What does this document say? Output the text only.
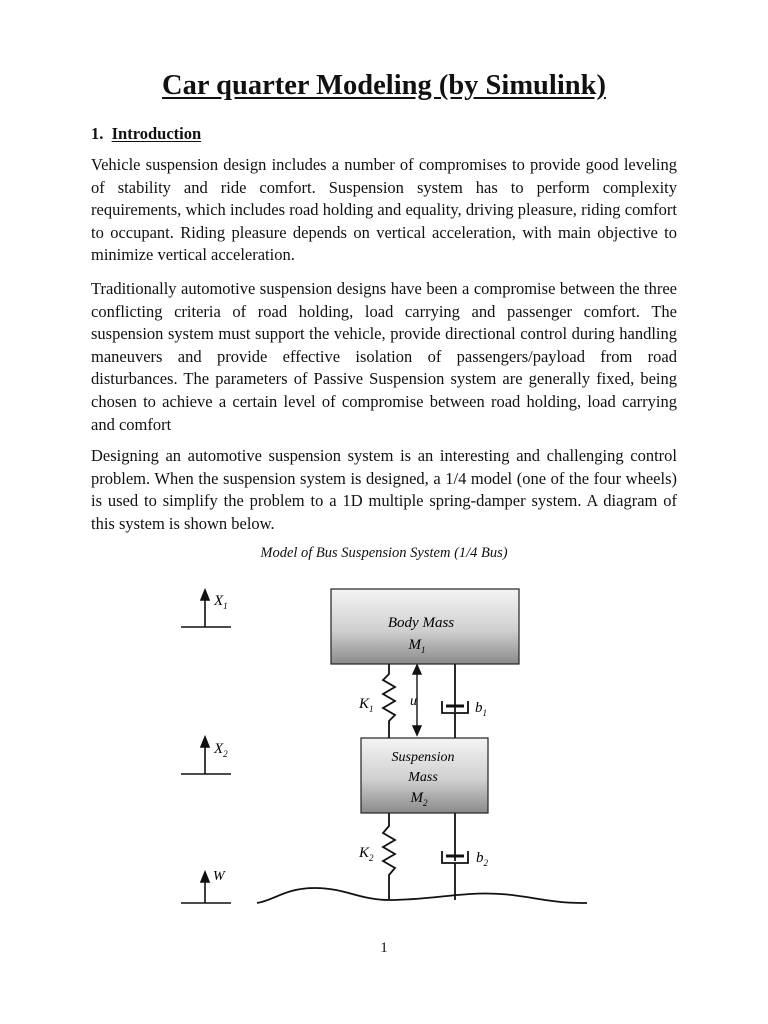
Car quarter Modeling (by Simulink)
1. Introduction

Vehicle suspension design includes a number of compromises to provide good leveling of stability and ride comfort. Suspension system has to perform complexity requirements, which includes road holding and equality, driving pleasure, riding comfort to occupant. Riding pleasure depends on vertical acceleration, with main objective to minimize vertical acceleration.

Traditionally automotive suspension designs have been a compromise between the three conflicting criteria of road holding, load carrying and passenger comfort. The suspension system must support the vehicle, provide directional control during handling maneuvers and provide effective isolation of passengers/payload from road disturbances. The parameters of Passive Suspension system are generally fixed, being chosen to achieve a certain level of compromise between road holding, load carrying and comfort

Designing an automotive suspension system is an interesting and challenging control problem. When the suspension system is designed, a 1/4 model (one of the four wheels) is used to simplify the problem to a 1D multiple spring-damper system. A diagram of this system is shown below.

Model of Bus Suspension System (1/4 Bus)
$X_1$
$X_2$
W
Body Mass
$M_1$
$K_1$	u	$b_1$
Suspension
Mass
$M_2$
$K_2$	$b_2$
1
